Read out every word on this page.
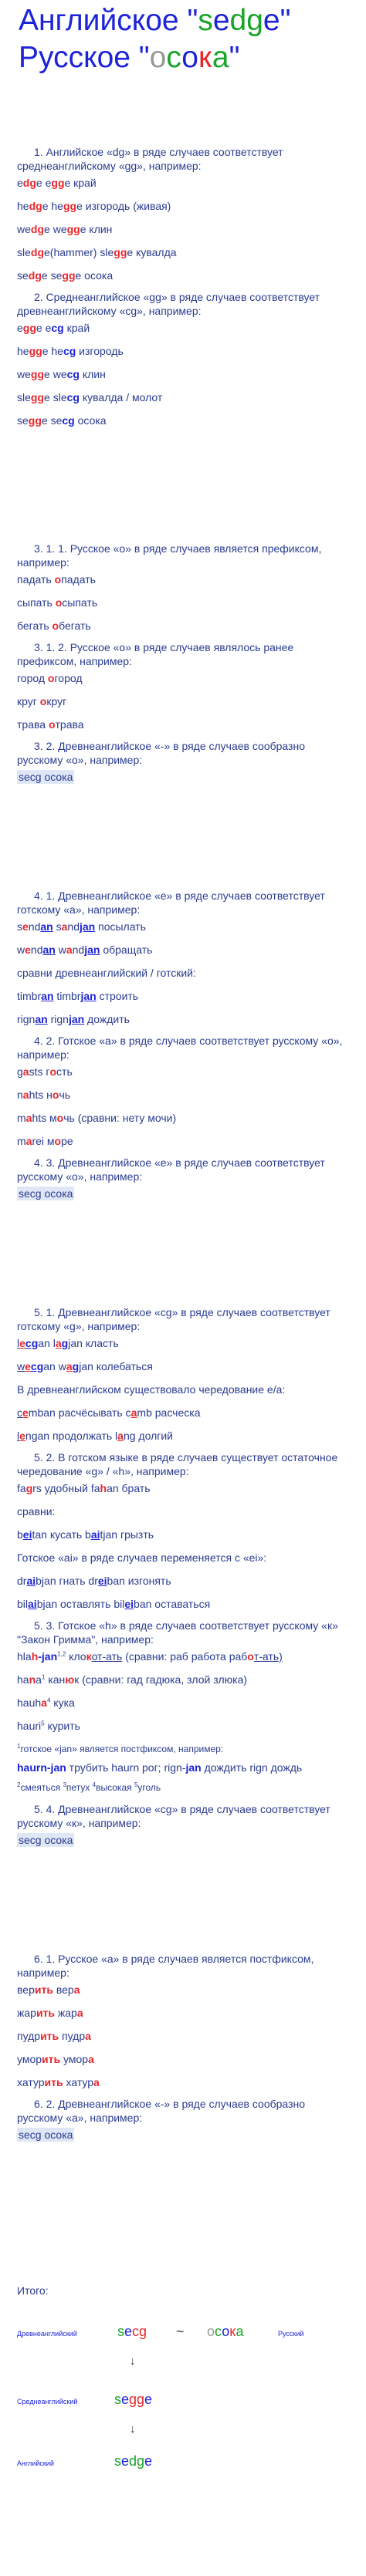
Английское "sedge"
Русское "осока"
1. Английское «dg» в ряде случаев соответствует среднеанглийскому «gg», например:
edge egge край
hedge hegge изгородь (живая)
wedge wegge клин
sledge(hammer) slegge кувалда
sedge segge осока
2. Среднеанглийское «gg» в ряде случаев соответствует древнеанглийскому «cg», например:
egge ecg край
hegge hecg изгородь
wegge wecg клин
slegge slecg кувалда / молот
segge secg осока
3. 1. 1. Русское «о» в ряде случаев является префиксом, например:
падать опадать
сыпать осыпать
бегать обегать
3. 1. 2. Русское «о» в ряде случаев являлось ранее префиксом, например:
город огород
круг округ
трава отрава
3. 2. Древнеанглийское «-» в ряде случаев сообразно русскому «о», например:
secg осока
4. 1. Древнеанглийское «e» в ряде случаев соответствует готскому «a», например:
sendan sandjan посылать
wendan wandjan обращать
сравни древнеанглийский / готский:
timbran timbrjan строить
rignan rignjan дождить
4. 2. Готское «a» в ряде случаев соответствует русскому «о», например:
gasts гость
nahts ночь
mahts мочь (сравни: нету мочи)
marei море
4. 3. Древнеанглийское «e» в ряде случаев соответствует русскому «о», например:
secg осока
5. 1. Древнеанглийское «cg» в ряде случаев соответствует готскому «g», например:
lecgan lagjan класть
wecgan wagjan колебаться
В древнеанглийском существовало чередование e/a:
cemban расчёсывать camb расческа
lengan продолжать lang долгий
5. 2. В готском языке в ряде случаев существует остаточное чередование «g» / «h», например:
fagrs удобный fahan брать
сравни:
beitan кусать baitjan грызть
Готское «ai» в ряде случаев переменяется с «ei»:
draibjan гнать dreiban изгонять
bilaibjan оставлять bileiban оставаться
5. 3. Готское «h» в ряде случаев соответствует русскому «к» "Закон Гримма", например:
hlah-jan$^{1,2}$ клокот-ать (сравни: раб работа работ-ать)
hana$^1$ канюк (сравни: гад гадюка, злой злюка)
hauha$^4$ кука
hauri$^5$ курить
$^1$готское «jan» является постфиксом, например:
haurn-jan трубить haurn рог; rign-jan дождить rign дождь
$^2$смеяться $^3$петух $^4$высокая $^5$уголь
5. 4. Древнеанглийское «cg» в ряде случаев соответствует русскому «к», например:
secg осока
6. 1. Русское «а» в ряде случаев является постфиксом, например:
верить вера
жарить жара
пудрить пудра
уморить умора
хатурить хатура
6. 2. Древнеанглийское «-» в ряде случаев сообразно русскому «а», например:
secg осока
Итого:
Древнеанглийский	secg ~ осока	Русский
↓
Среднеанглийский	segge
↓
Английский	sedge
